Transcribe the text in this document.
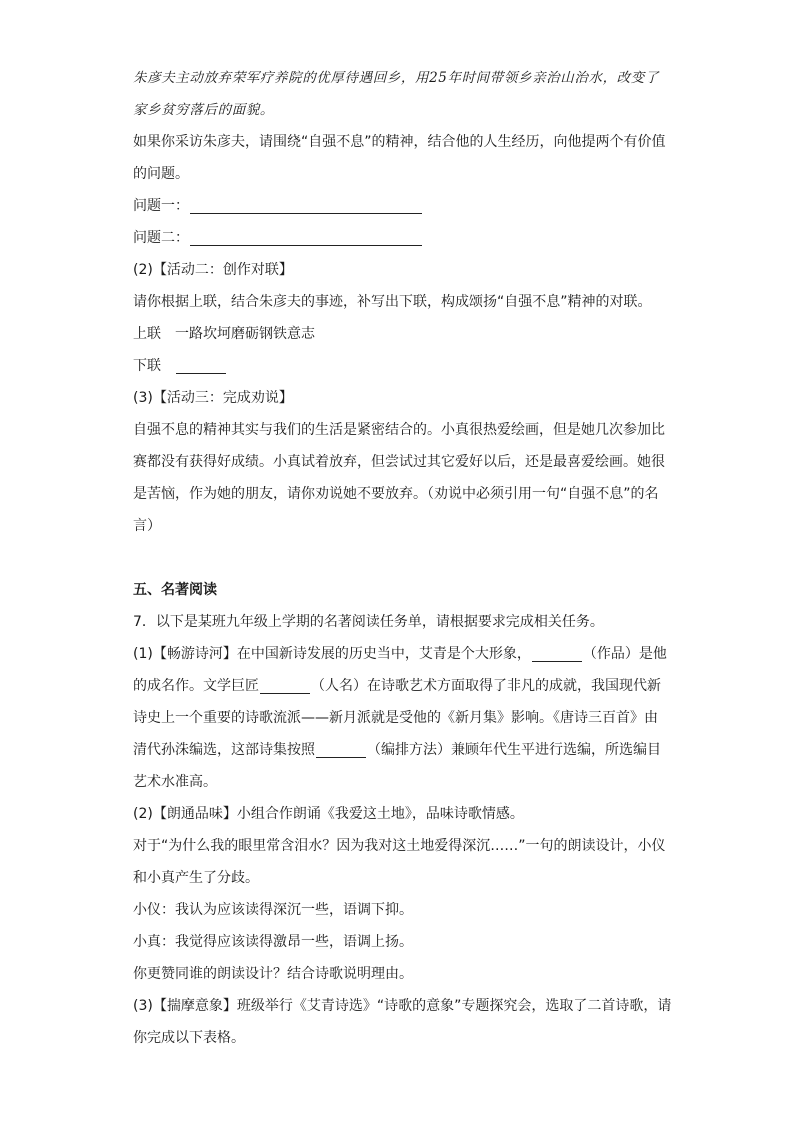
朱彦夫主动放弃荣军疗养院的优厚待遇回乡，用25年时间带领乡亲治山治水，改变了

家乡贫穷落后的面貌。

如果你采访朱彦夫，请围绕“自强不息”的精神，结合他的人生经历，向他提两个有价值

的问题。

问题一：

问题二：

(2)【活动二：创作对联】

请你根据上联，结合朱彦夫的事迹，补写出下联，构成颂扬“自强不息”精神的对联。

上联 一路坎坷磨砺钢铁意志

下联

(3)【活动三：完成劝说】

自强不息的精神其实与我们的生活是紧密结合的。小真很热爱绘画，但是她几次参加比

赛都没有获得好成绩。小真试着放弃，但尝试过其它爱好以后，还是最喜爱绘画。她很

是苦恼，作为她的朋友，请你劝说她不要放弃。（劝说中必须引用一句“自强不息”的名

言）

五、名著阅读

7．以下是某班九年级上学期的名著阅读任务单，请根据要求完成相关任务。

(1)【畅游诗河】在中国新诗发展的历史当中，艾青是个大形象，	（作品）是他

的成名作。文学巨匠	（人名）在诗歌艺术方面取得了非凡的成就，我国现代新

诗史上一个重要的诗歌流派——新月派就是受他的《新月集》影响。《唐诗三百首》由

清代孙洙编选，这部诗集按照	（编排方法）兼顾年代生平进行选编，所选编目

艺术水准高。

(2)【朗通品味】小组合作朗诵《我爱这土地》，品味诗歌情感。

对于“为什么我的眼里常含泪水？因为我对这土地爱得深沉……”一句的朗读设计，小仪

和小真产生了分歧。

小仪：我认为应该读得深沉一些，语调下抑。

小真：我觉得应该读得激昂一些，语调上扬。

你更赞同谁的朗读设计？结合诗歌说明理由。

(3)【揣摩意象】班级举行《艾青诗选》“诗歌的意象”专题探究会，选取了二首诗歌，请

你完成以下表格。
